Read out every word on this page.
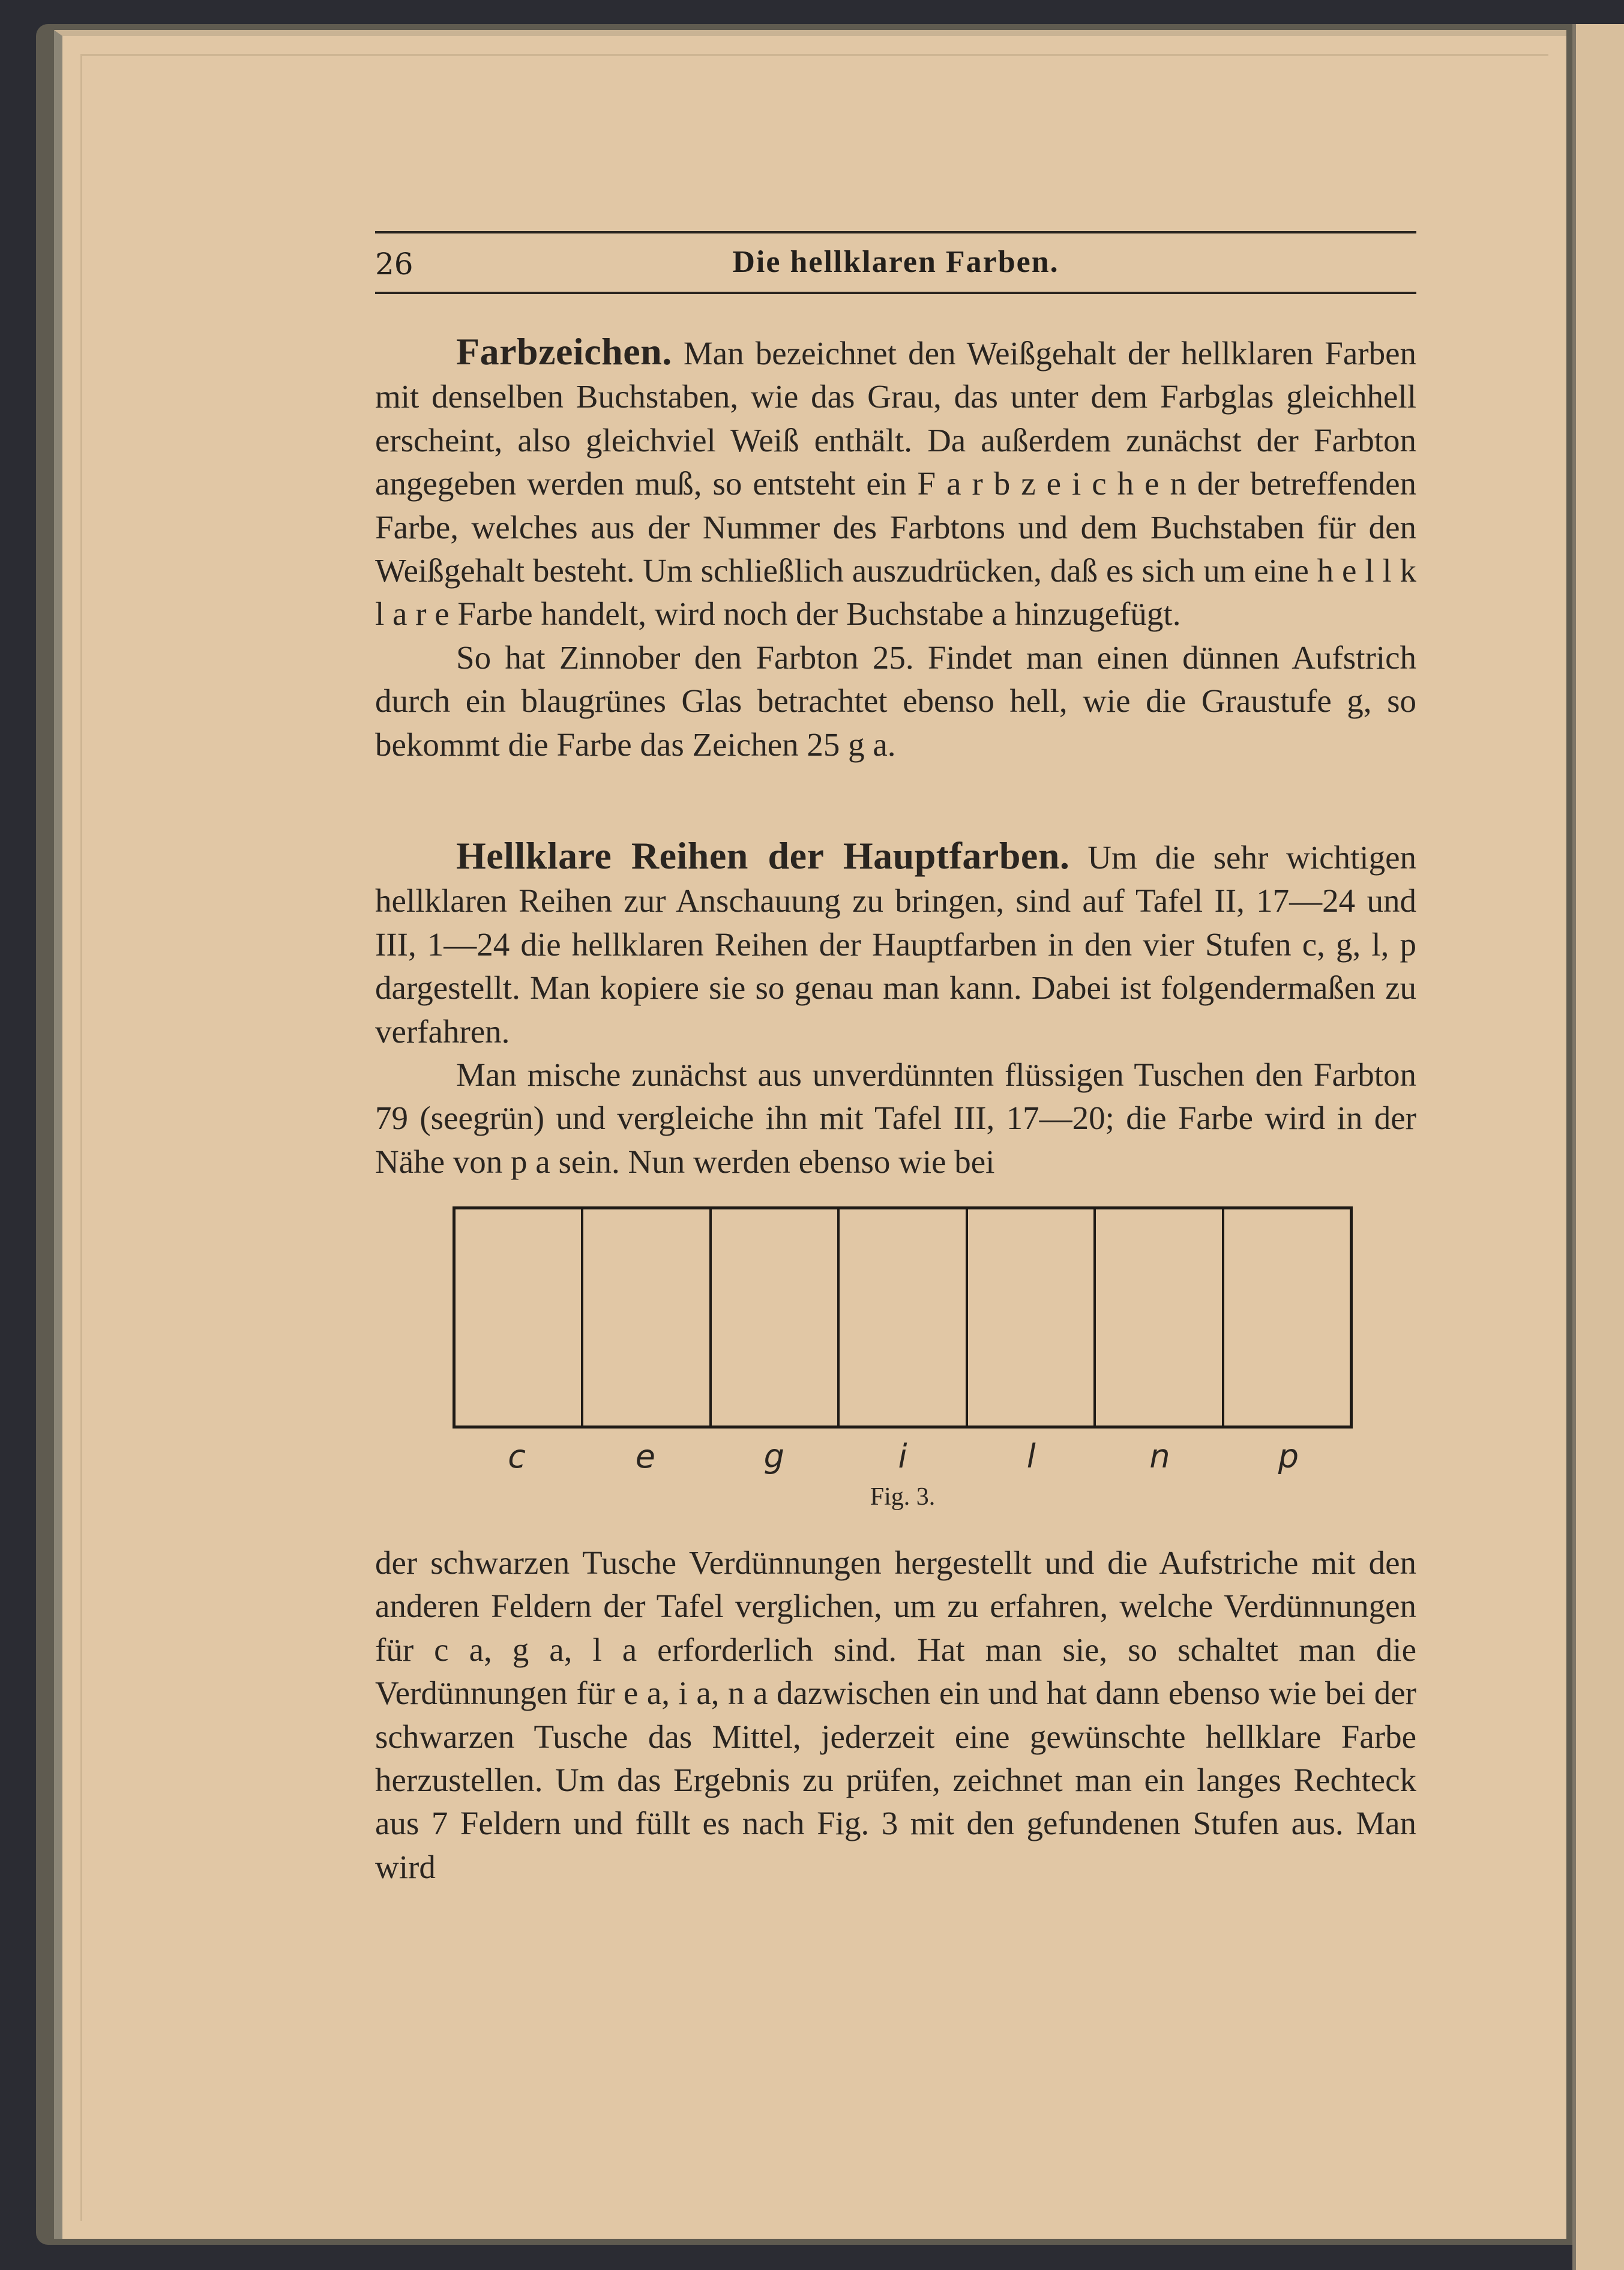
26	Die hellklaren Farben.

Farbzeichen. Man bezeichnet den Weißgehalt der hellklaren Farben mit denselben Buchstaben, wie das Grau, das unter dem Farbglas gleichhell erscheint, also gleichviel Weiß enthält. Da außerdem zunächst der Farbton angegeben werden muß, so entsteht ein F a r b z e i c h e n der betreffenden Farbe, welches aus der Nummer des Farbtons und dem Buchstaben für den Weißgehalt besteht. Um schließlich auszudrücken, daß es sich um eine h e l l k l a r e Farbe handelt, wird noch der Buchstabe a hinzugefügt.

So hat Zinnober den Farbton 25. Findet man einen dünnen Aufstrich durch ein blaugrünes Glas betrachtet ebenso hell, wie die Graustufe g, so bekommt die Farbe das Zeichen 25 g a.

Hellklare Reihen der Hauptfarben. Um die sehr wichtigen hellklaren Reihen zur Anschauung zu bringen, sind auf Tafel II, 17—24 und III, 1—24 die hellklaren Reihen der Hauptfarben in den vier Stufen c, g, l, p dargestellt. Man kopiere sie so genau man kann. Dabei ist folgendermaßen zu verfahren.

Man mische zunächst aus unverdünnten flüssigen Tuschen den Farbton 79 (seegrün) und vergleiche ihn mit Tafel III, 17—20; die Farbe wird in der Nähe von p a sein. Nun werden ebenso wie bei

c	e	g	i	l	n	p
Fig. 3.

der schwarzen Tusche Verdünnungen hergestellt und die Aufstriche mit den anderen Feldern der Tafel verglichen, um zu erfahren, welche Verdünnungen für c a, g a, l a erforderlich sind. Hat man sie, so schaltet man die Verdünnungen für e a, i a, n a dazwischen ein und hat dann ebenso wie bei der schwarzen Tusche das Mittel, jederzeit eine gewünschte hellklare Farbe herzustellen. Um das Ergebnis zu prüfen, zeichnet man ein langes Rechteck aus 7 Feldern und füllt es nach Fig. 3 mit den gefundenen Stufen aus. Man wird
